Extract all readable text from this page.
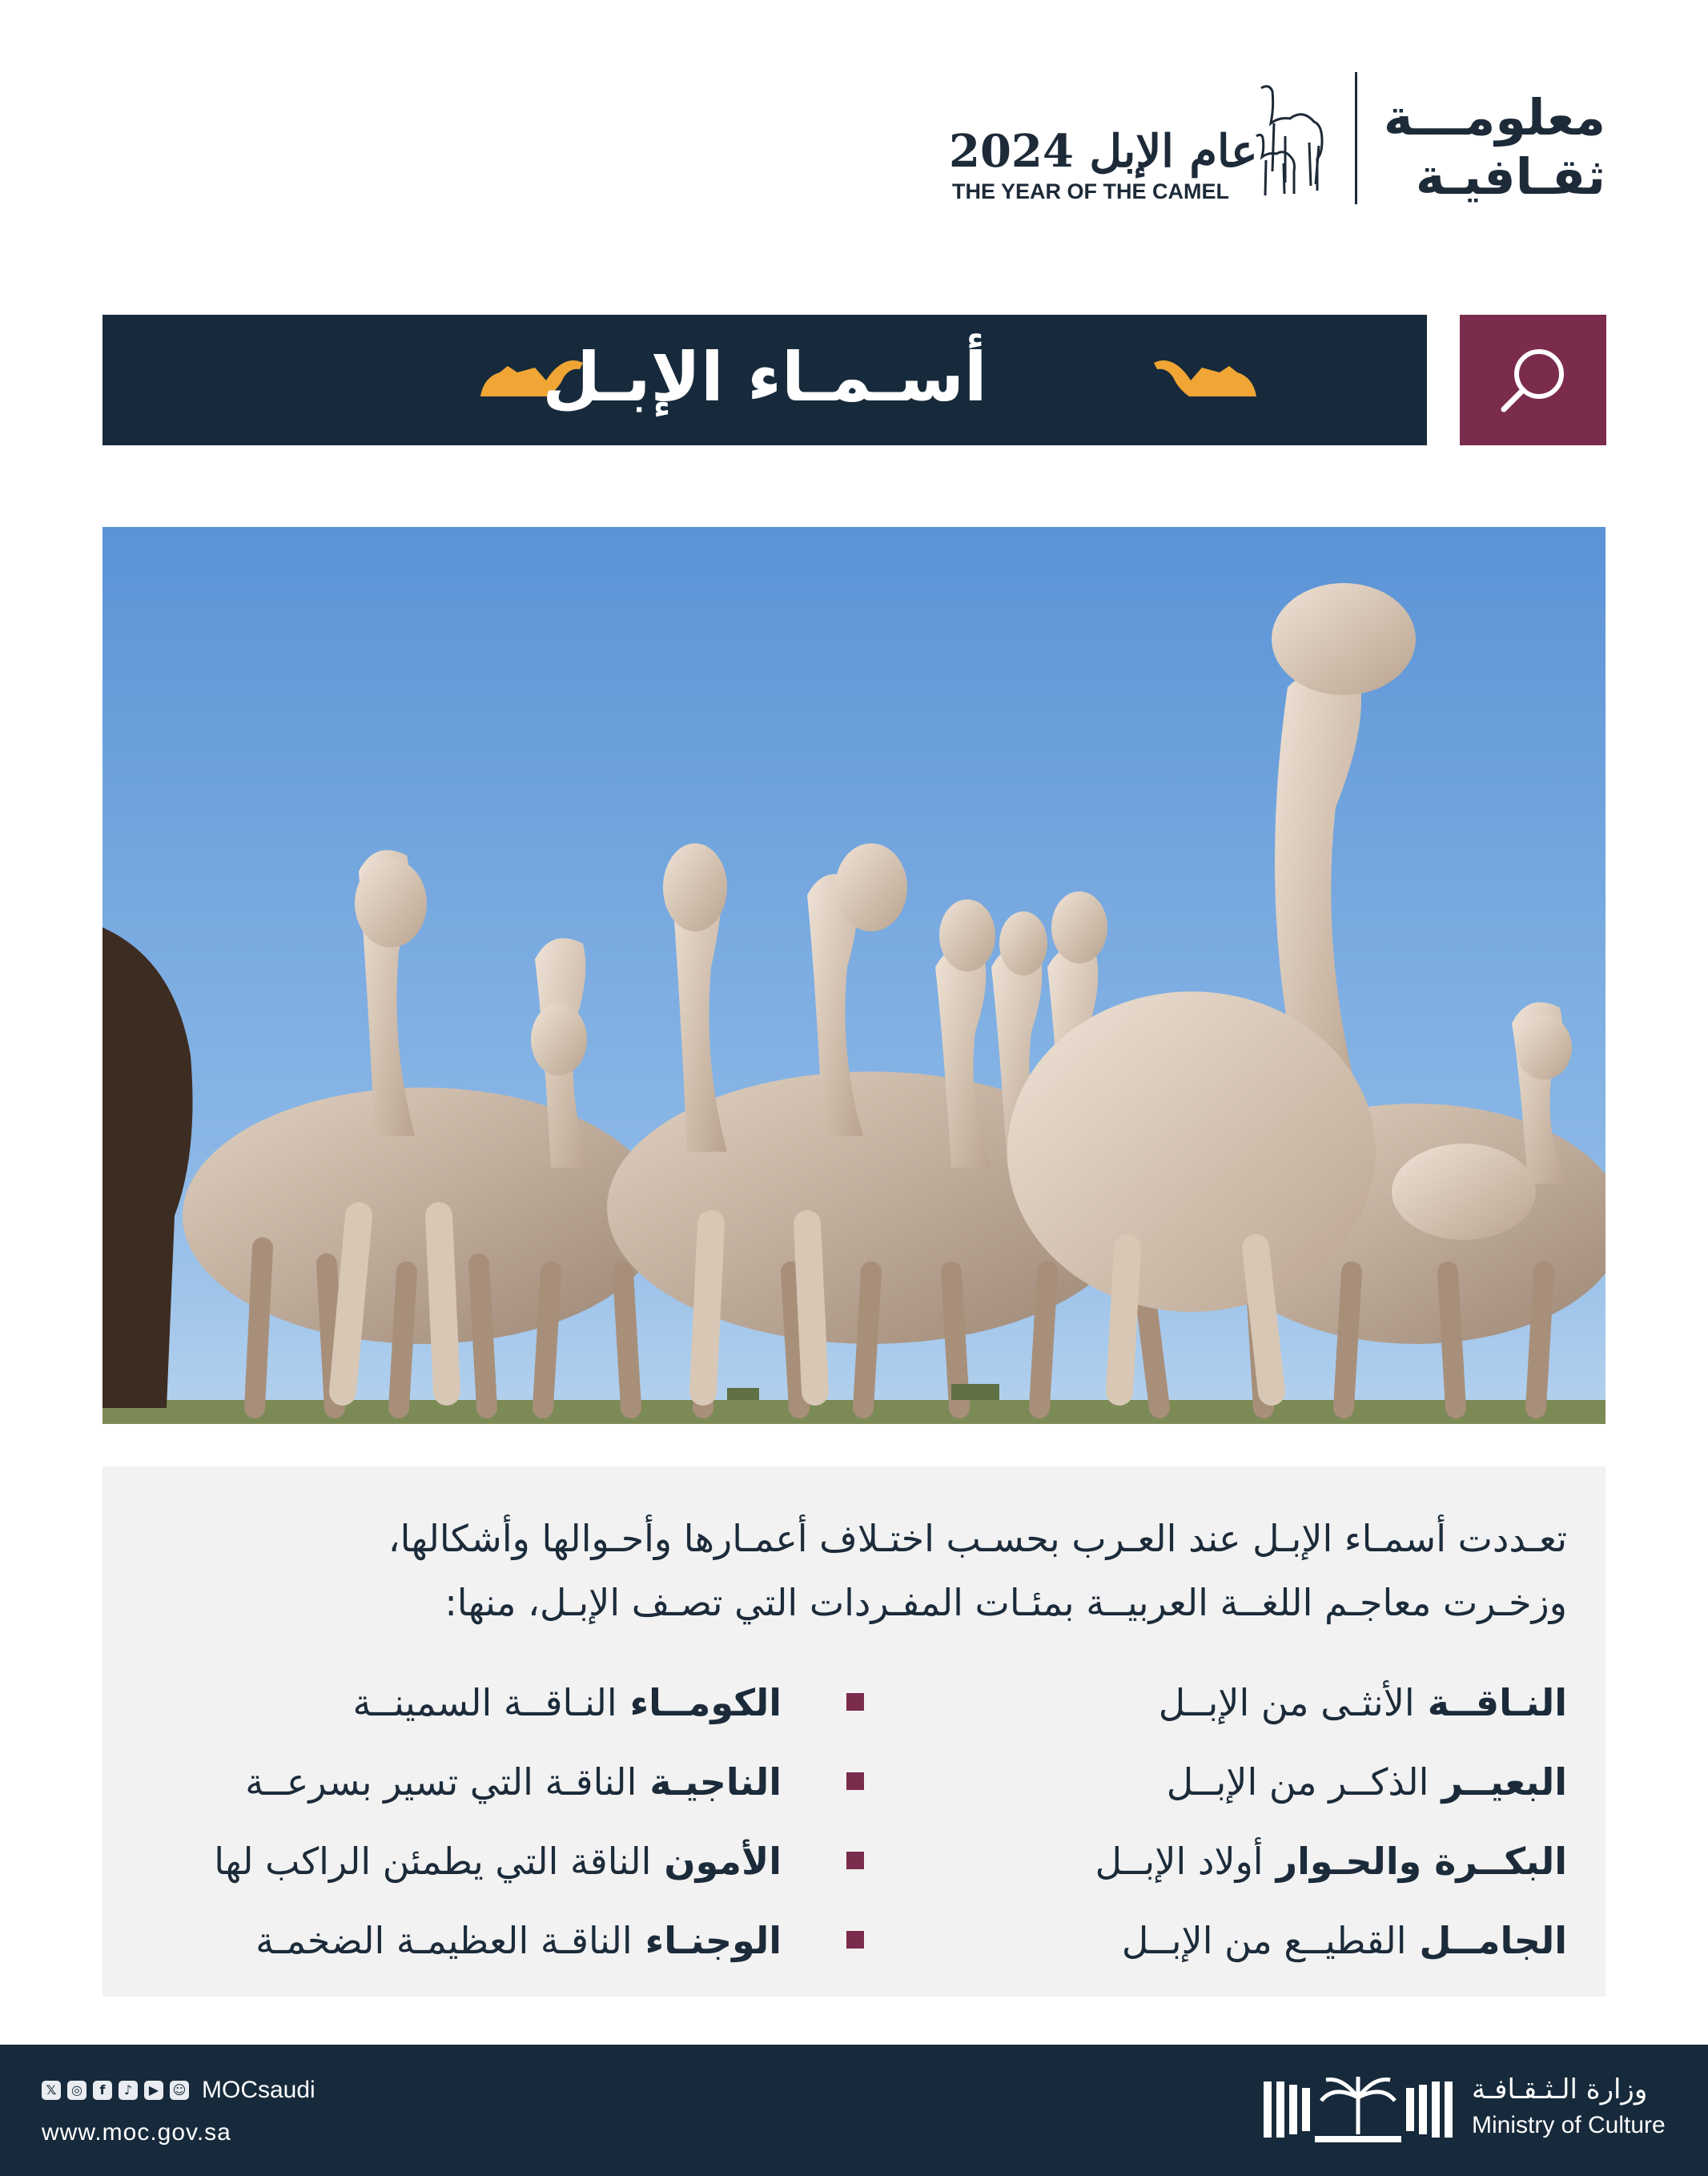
معلومـــة
ثقـافيـة
عام الإبل 2024
THE YEAR OF THE CAMEL
أسـمـاء الإبـل
تعـددت أسمـاء الإبـل عند العـرب بحسـب اختـلاف أعمـارها وأحـوالها وأشكالها،
وزخـرت معاجـم اللغــة العربيــة بمئـات المفـردات التي تصـف الإبـل، منها:
النـاقــة
الأنثـى من الإبــل
البعيــر
الذكــر من الإبــل
البكــرة والحـوار
أولاد الإبــل
الجامــل
القطيــع من الإبــل
الكومــاء
النـاقــة السمينــة
الناجيـة
الناقـة التي تسير بسرعــة
الأمون
الناقة التي يطمئن الراكب لها
الوجنـاء
الناقـة العظيمـة الضخمـة
𝕏	◎	f	♪	▶	☺ MOCsaudi
www.moc.gov.sa
وزارة الـثـقـافـة
Ministry of Culture
